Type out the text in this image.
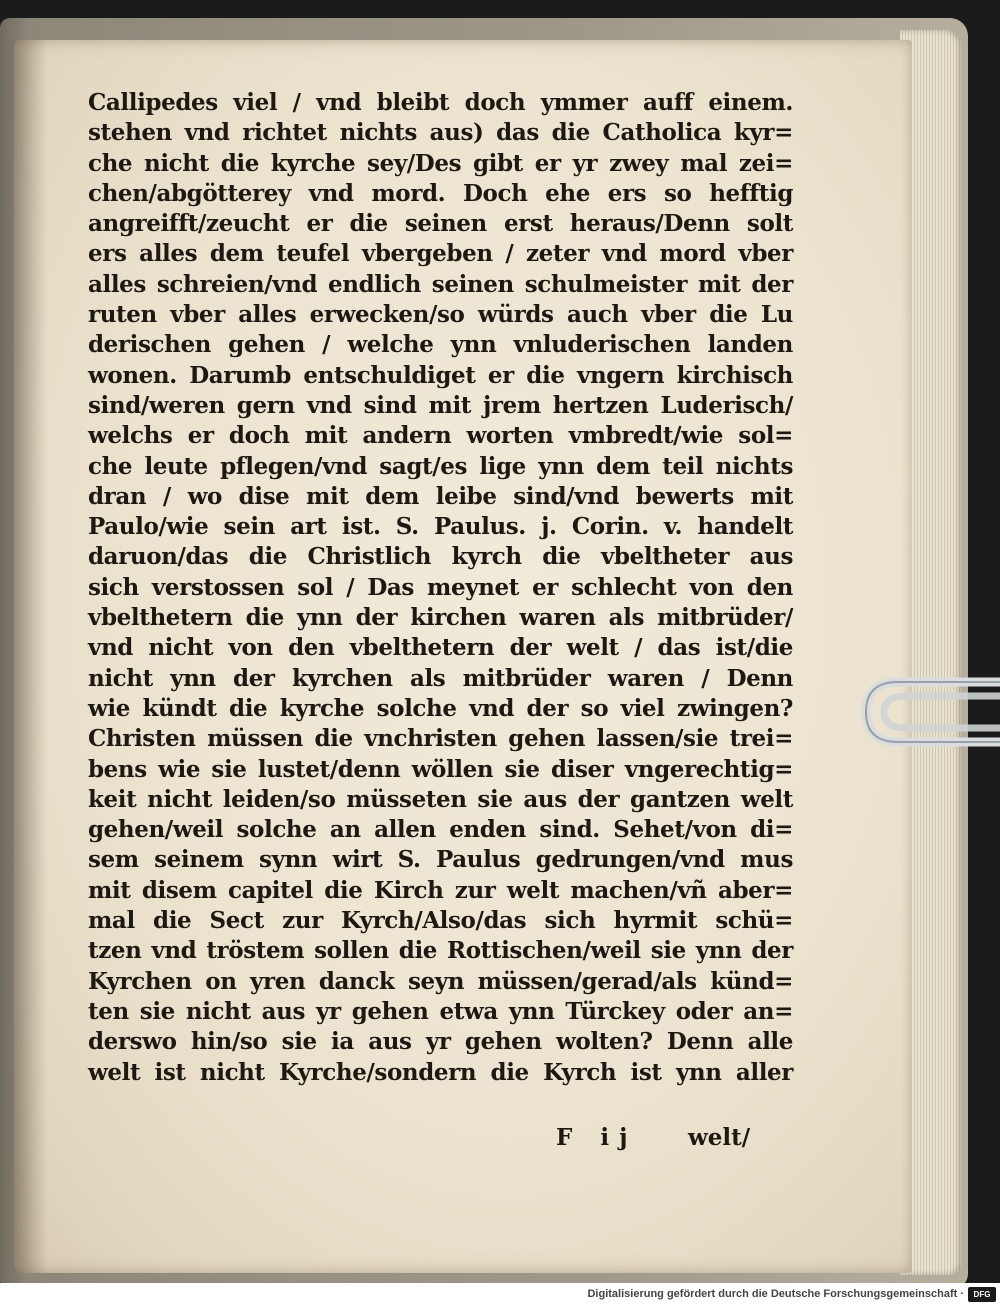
Callipedes viel / vnd bleibt doch ymmer auff einem.
stehen vnd richtet nichts aus) das die Catholica kyr=
che nicht die kyrche sey/Des gibt er yr zwey mal zei=
chen/abgötterey vnd mord. Doch ehe ers so hefftig
angreifft/zeucht er die seinen erst heraus/Denn solt
ers alles dem teufel vbergeben / zeter vnd mord vber
alles schreien/vnd endlich seinen schulmeister mit der
ruten vber alles erwecken/so würds auch vber die Lu
derischen gehen / welche ynn vnluderischen landen
wonen. Darumb entschuldiget er die vngern kirchisch
sind/weren gern vnd sind mit jrem hertzen Luderisch/
welchs er doch mit andern worten vmbredt/wie sol=
che leute pflegen/vnd sagt/es lige ynn dem teil nichts
dran / wo dise mit dem leibe sind/vnd bewerts mit
Paulo/wie sein art ist. S. Paulus. j. Corin. v. handelt
daruon/das die Christlich kyrch die vbeltheter aus
sich verstossen sol / Das meynet er schlecht von den
vbelthetern die ynn der kirchen waren als mitbrüder/
vnd nicht von den vbelthetern der welt / das ist/die
nicht ynn der kyrchen als mitbrüder waren / Denn
wie kündt die kyrche solche vnd der so viel zwingen?
Christen müssen die vnchristen gehen lassen/sie trei=
bens wie sie lustet/denn wöllen sie diser vngerechtig=
keit nicht leiden/so müsseten sie aus der gantzen welt
gehen/weil solche an allen enden sind. Sehet/von di=
sem seinem synn wirt S. Paulus gedrungen/vnd mus
mit disem capitel die Kirch zur welt machen/vñ aber=
mal die Sect zur Kyrch/Also/das sich hyrmit schü=
tzen vnd tröstem sollen die Rottischen/weil sie ynn der
Kyrchen on yren danck seyn müssen/gerad/als künd=
ten sie nicht aus yr gehen etwa ynn Türckey oder an=
derswo hin/so sie ia aus yr gehen wolten? Denn alle
welt ist nicht Kyrche/sondern die Kyrch ist ynn aller
F ij welt/
Digitalisierung gefördert durch die Deutsche Forschungsgemeinschaft ·	DFG
